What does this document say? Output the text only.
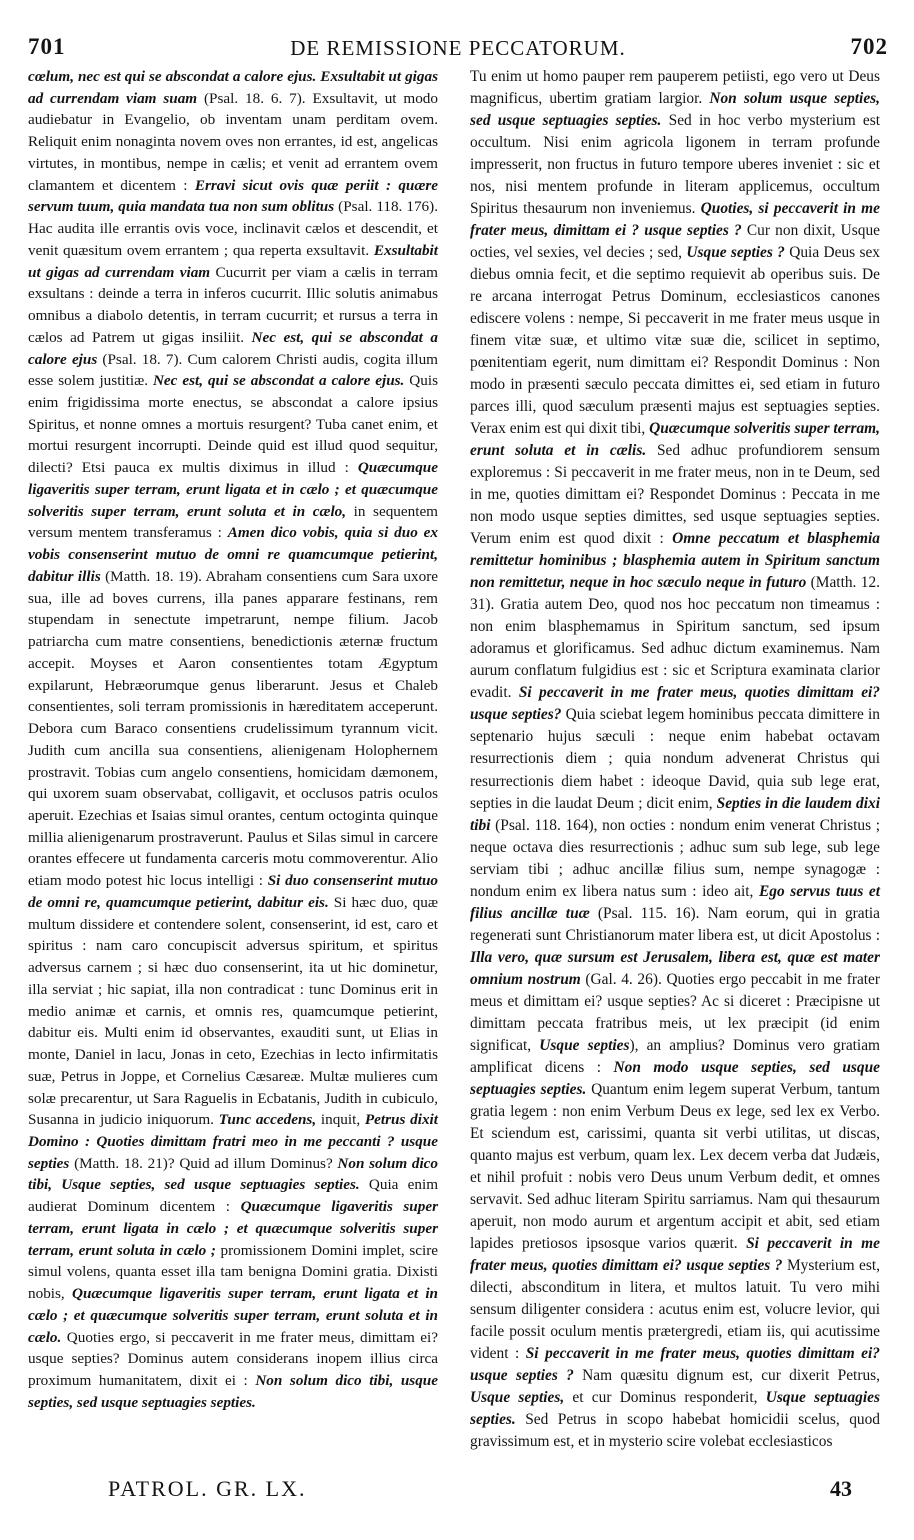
701	DE REMISSIONE PECCATORUM.	702
cœlum, nec est qui se abscondat a calore ejus. Exsultabit ut gigas ad currendam viam suam (Psal. 18. 6. 7). Exsultavit, ut modo audiebatur in Evangelio, ob inventam unam perditam ovem. Reliquit enim nonaginta novem oves non errantes, id est, angelicas virtutes, in montibus, nempe in cælis; et venit ad errantem ovem clamantem et dicentem : Erravi sicut ovis quæ periit : quære servum tuum, quia mandata tua non sum oblitus (Psal. 118. 176). Hac audita ille errantis ovis voce, inclinavit cælos et descendit, et venit quæsitum ovem errantem ; qua reperta exsultavit. Exsultabit ut gigas ad currendam viam Cucurrit per viam a cælis in terram exsultans : deinde a terra in inferos cucurrit. Illic solutis animabus omnibus a diabolo detentis, in terram cucurrit; et rursus a terra in cælos ad Patrem ut gigas insiliit. Nec est, qui se abscondat a calore ejus (Psal. 18. 7). Cum calorem Christi audis, cogita illum esse solem justitiæ. Nec est, qui se abscondat a calore ejus. Quis enim frigidissima morte enectus, se abscondat a calore ipsius Spiritus, et nonne omnes a mortuis resurgent? Tuba canet enim, et mortui resurgent incorrupti. Deinde quid est illud quod sequitur, dilecti? Etsi pauca ex multis diximus in illud : Quæcumque ligaveritis super terram, erunt ligata et in cælo ; et quæcumque solveritis super terram, erunt soluta et in cælo, in sequentem versum mentem transferamus : Amen dico vobis, quia si duo ex vobis consenserint mutuo de omni re quamcumque petierint, dabitur illis (Matth. 18. 19). Abraham consentiens cum Sara uxore sua, ille ad boves currens, illa panes apparare festinans, rem stupendam in senectute impetrarunt, nempe filium. Jacob patriarcha cum matre consentiens, benedictionis æternæ fructum accepit. Moyses et Aaron consentientes totam Ægyptum expilarunt, Hebræorumque genus liberarunt. Jesus et Chaleb consentientes, soli terram promissionis in hæreditatem acceperunt. Debora cum Baraco consentiens crudelissimum tyrannum vicit. Judith cum ancilla sua consentiens, alienigenam Holophernem prostravit. Tobias cum angelo consentiens, homicidam dæmonem, qui uxorem suam observabat, colligavit, et occlusos patris oculos aperuit. Ezechias et Isaias simul orantes, centum octoginta quinque millia alienigenarum prostraverunt. Paulus et Silas simul in carcere orantes effecere ut fundamenta carceris motu commoverentur. Alio etiam modo potest hic locus intelligi : Si duo consenserint mutuo de omni re, quamcumque petierint, dabitur eis. Si hæc duo, quæ multum dissidere et contendere solent, consenserint, id est, caro et spiritus : nam caro concupiscit adversus spiritum, et spiritus adversus carnem ; si hæc duo consenserint, ita ut hic dominetur, illa serviat ; hic sapiat, illa non contradicat : tunc Dominus erit in medio animæ et carnis, et omnis res, quamcumque petierint, dabitur eis. Multi enim id observantes, exauditi sunt, ut Elias in monte, Daniel in lacu, Jonas in ceto, Ezechias in lecto infirmitatis suæ, Petrus in Joppe, et Cornelius Cæsareæ. Multæ mulieres cum solæ precarentur, ut Sara Raguelis in Ecbatanis, Judith in cubiculo, Susanna in judicio iniquorum. Tunc accedens, inquit, Petrus dixit Domino : Quoties dimittam fratri meo in me peccanti ? usque septies (Matth. 18. 21)? Quid ad illum Dominus? Non solum dico tibi, Usque septies, sed usque septuagies septies. Quia enim audierat Dominum dicentem : Quæcumque ligaveritis super terram, erunt ligata in cælo ; et quæcumque solveritis super terram, erunt soluta in cælo ; promissionem Domini implet, scire simul volens, quanta esset illa tam benigna Domini gratia. Dixisti nobis, Quæcumque ligaveritis super terram, erunt ligata et in cælo ; et quæcumque solveritis super terram, erunt soluta et in cælo. Quoties ergo, si peccaverit in me frater meus, dimittam ei? usque septies? Dominus autem considerans inopem illius circa proximum humanitatem, dixit ei : Non solum dico tibi, usque septies, sed usque septuagies septies.
Tu enim ut homo pauper rem pauperem petiisti, ego vero ut Deus magnificus, ubertim gratiam largior. Non solum usque septies, sed usque septuagies septies. Sed in hoc verbo mysterium est occultum. Nisi enim agricola ligonem in terram profunde impresserit, non fructus in futuro tempore uberes inveniet : sic et nos, nisi mentem profunde in literam applicemus, occultum Spiritus thesaurum non inveniemus. Quoties, si peccaverit in me frater meus, dimittam ei ? usque septies ? Cur non dixit, Usque octies, vel sexies, vel decies ; sed, Usque septies ? Quia Deus sex diebus omnia fecit, et die septimo requievit ab operibus suis. De re arcana interrogat Petrus Dominum, ecclesiasticos canones ediscere volens : nempe, Si peccaverit in me frater meus usque in finem vitæ suæ, et ultimo vitæ suæ die, scilicet in septimo, pœnitentiam egerit, num dimittam ei? Respondit Dominus : Non modo in præsenti sæculo peccata dimittes ei, sed etiam in futuro parces illi, quod sæculum præsenti majus est septuagies septies. Verax enim est qui dixit tibi, Quæcumque solveritis super terram, erunt soluta et in cælis. Sed adhuc profundiorem sensum exploremus : Si peccaverit in me frater meus, non in te Deum, sed in me, quoties dimittam ei? Respondet Dominus : Peccata in me non modo usque septies dimittes, sed usque septuagies septies. Verum enim est quod dixit : Omne peccatum et blasphemia remittetur hominibus ; blasphemia autem in Spiritum sanctum non remittetur, neque in hoc sæculo neque in futuro (Matth. 12. 31). Gratia autem Deo, quod nos hoc peccatum non timeamus : non enim blasphemamus in Spiritum sanctum, sed ipsum adoramus et glorificamus. Sed adhuc dictum examinemus. Nam aurum conflatum fulgidius est : sic et Scriptura examinata clarior evadit. Si peccaverit in me frater meus, quoties dimittam ei? usque septies? Quia sciebat legem hominibus peccata dimittere in septenario hujus sæculi : neque enim habebat octavam resurrectionis diem ; quia nondum advenerat Christus qui resurrectionis diem habet : ideoque David, quia sub lege erat, septies in die laudat Deum ; dicit enim, Septies in die laudem dixi tibi (Psal. 118. 164), non octies : nondum enim venerat Christus ; neque octava dies resurrectionis ; adhuc sum sub lege, sub lege serviam tibi ; adhuc ancillæ filius sum, nempe synagogæ : nondum enim ex libera natus sum : ideo ait, Ego servus tuus et filius ancillæ tuæ (Psal. 115. 16). Nam eorum, qui in gratia regenerati sunt Christianorum mater libera est, ut dicit Apostolus : Illa vero, quæ sursum est Jerusalem, libera est, quæ est mater omnium nostrum (Gal. 4. 26). Quoties ergo peccabit in me frater meus et dimittam ei? usque septies? Ac si diceret : Præcipisne ut dimittam peccata fratribus meis, ut lex præcipit (id enim significat, Usque septies), an amplius? Dominus vero gratiam amplificat dicens : Non modo usque septies, sed usque septuagies septies. Quantum enim legem superat Verbum, tantum gratia legem : non enim Verbum Deus ex lege, sed lex ex Verbo. Et sciendum est, carissimi, quanta sit verbi utilitas, ut discas, quanto majus est verbum, quam lex. Lex decem verba dat Judæis, et nihil profuit : nobis vero Deus unum Verbum dedit, et omnes servavit. Sed adhuc literam Spiritu sarriamus. Nam qui thesaurum aperuit, non modo aurum et argentum accipit et abit, sed etiam lapides pretiosos ipsosque varios quærit. Si peccaverit in me frater meus, quoties dimittam ei? usque septies ? Mysterium est, dilecti, absconditum in litera, et multos latuit. Tu vero mihi sensum diligenter considera : acutus enim est, volucre levior, qui facile possit oculum mentis prætergredi, etiam iis, qui acutissime vident : Si peccaverit in me frater meus, quoties dimittam ei? usque septies ? Nam quæsitu dignum est, cur dixerit Petrus, Usque septies, et cur Dominus responderit, Usque septuagies septies. Sed Petrus in scopo habebat homicidii scelus, quod gravissimum est, et in mysterio scire volebat ecclesiasticos
PATROL. GR. LX.	43
